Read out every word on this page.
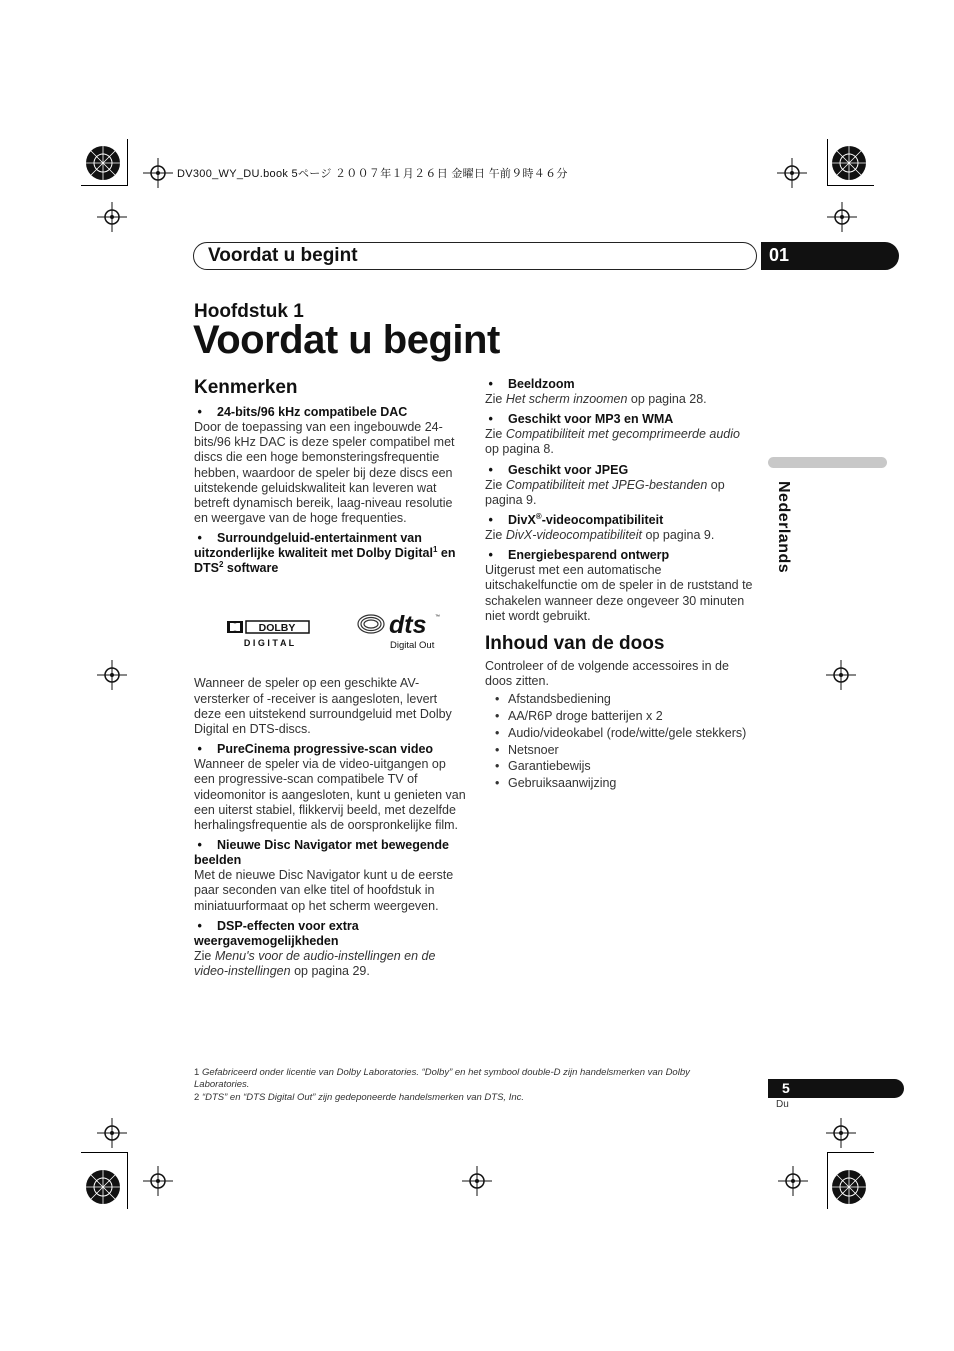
DV300_WY_DU.book 5ページ ２００７年１月２６日 金曜日 午前９時４６分
Voordat u begint	01
Hoofdstuk 1
Voordat u begint
Kenmerken
• 24-bits/96 kHz compatibele DAC
Door de toepassing van een ingebouwde 24-bits/96 kHz DAC is deze speler compatibel met discs die een hoge bemonsteringsfrequentie hebben, waardoor de speler bij deze discs een uitstekende geluidskwaliteit kan leveren wat betreft dynamisch bereik, laag-niveau resolutie en weergave van de hoge frequenties.
• Surroundgeluid-entertainment van uitzonderlijke kwaliteit met Dolby Digital$^1$ en DTS$^2$ software
DOLBY
D I G I T A L
dts ™
Digital Out
Wanneer de speler op een geschikte AV-versterker of -receiver is aangesloten, levert deze een uitstekend surroundgeluid met Dolby Digital en DTS-discs.
• PureCinema progressive-scan video
Wanneer de speler via de video-uitgangen op een progressive-scan compatibele TV of videomonitor is aangesloten, kunt u genieten van een uiterst stabiel, flikkervij beeld, met dezelfde herhalingsfrequentie als de oorspronkelijke film.
• Nieuwe Disc Navigator met bewegende beelden
Met de nieuwe Disc Navigator kunt u de eerste paar seconden van elke titel of hoofdstuk in miniatuurformaat op het scherm weergeven.
• DSP-effecten voor extra weergavemogelijkheden
Zie Menu's voor de audio-instellingen en de video-instellingen op pagina 29.
• Beeldzoom
Zie Het scherm inzoomen op pagina 28.
• Geschikt voor MP3 en WMA
Zie Compatibiliteit met gecomprimeerde audio op pagina 8.
• Geschikt voor JPEG
Zie Compatibiliteit met JPEG-bestanden op pagina 9.
• DivX®-videocompatibiliteit
Zie DivX-videocompatibiliteit op pagina 9.
• Energiebesparend ontwerp
Uitgerust met een automatische uitschakelfunctie om de speler in de ruststand te schakelen wanneer deze ongeveer 30 minuten niet wordt gebruikt.
Inhoud van de doos
Controleer of de volgende accessoires in de doos zitten.
• Afstandsbediening
• AA/R6P droge batterijen x 2
• Audio/videokabel (rode/witte/gele stekkers)
• Netsnoer
• Garantiebewijs
• Gebruiksaanwijzing
Nederlands
1 Gefabriceerd onder licentie van Dolby Laboratories. “Dolby” en het symbool double-D zijn handelsmerken van Dolby Laboratories.
2 “DTS” en “DTS Digital Out” zijn gedeponeerde handelsmerken van DTS, Inc.
5
Du
